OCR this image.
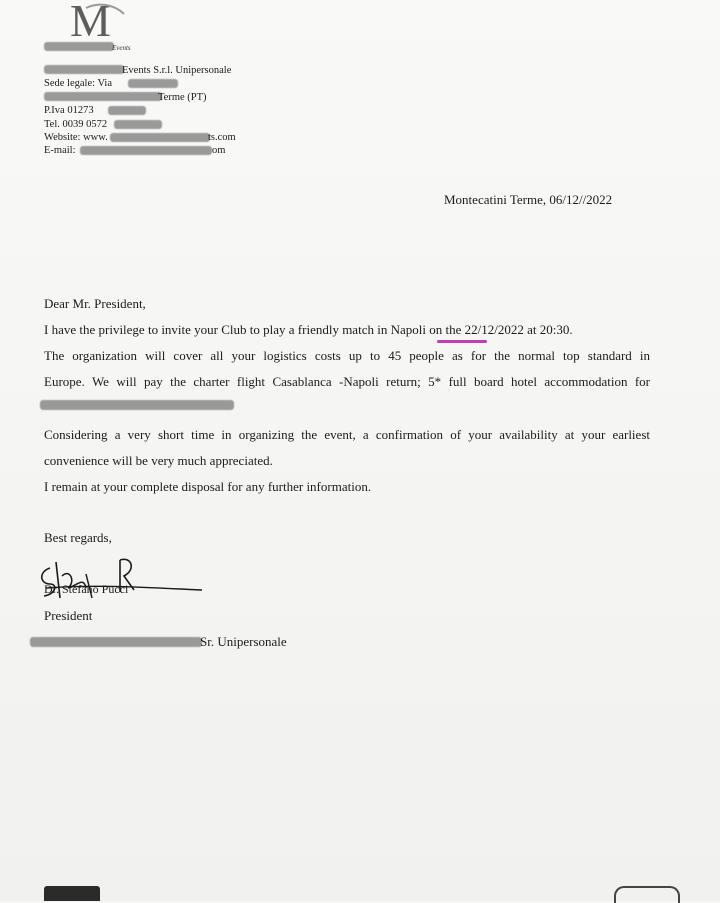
M
Events
Events S.r.l. Unipersonale
Sede legale: Via
Terme (PT)
P.Iva 01273
Tel. 0039 0572
Website: www.	ts.com
E-mail:	om
Montecatini Terme, 06/12//2022
Dear Mr. President,
I have the privilege to invite your Club to play a friendly match in Napoli on the 22/12/2022 at 20:30.
The organization will cover all your logistics costs up to 45 people as for the normal top standard in
Europe. We will pay the charter flight Casablanca -Napoli return; 5* full board hotel accommodation for
Considering a very short time in organizing the event, a confirmation of your availability at your earliest
convenience will be very much appreciated.
I remain at your complete disposal for any further information.
Best regards,
Dr. Stefano Pucci
President
Sr. Unipersonale
